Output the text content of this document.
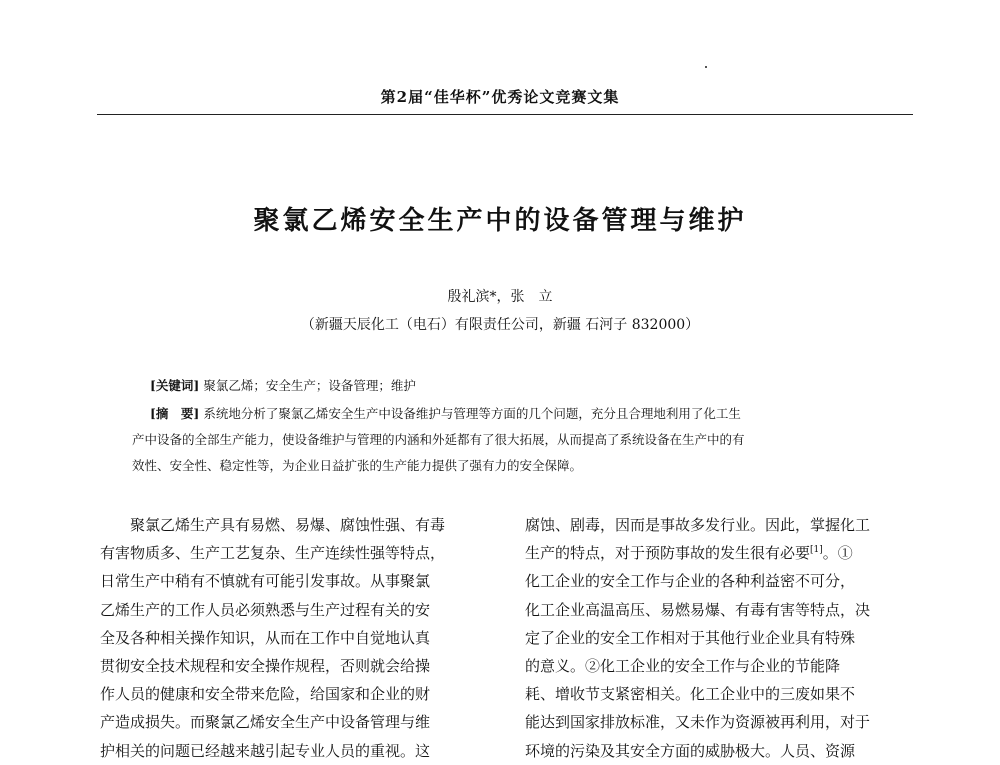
第2届“佳华杯”优秀论文竞赛文集
聚氯乙烯安全生产中的设备管理与维护
殷礼滨*，张　立
（新疆天辰化工（电石）有限责任公司，新疆 石河子 832000）
[关键词] 聚氯乙烯；安全生产；设备管理；维护
[摘　要] 系统地分析了聚氯乙烯安全生产中设备维护与管理等方面的几个问题，充分且合理地利用了化工生
产中设备的全部生产能力，使设备维护与管理的内涵和外延都有了很大拓展，从而提高了系统设备在生产中的有
效性、安全性、稳定性等，为企业日益扩张的生产能力提供了强有力的安全保障。
聚氯乙烯生产具有易燃、易爆、腐蚀性强、有毒
有害物质多、生产工艺复杂、生产连续性强等特点，
日常生产中稍有不慎就有可能引发事故。从事聚氯
乙烯生产的工作人员必须熟悉与生产过程有关的安
全及各种相关操作知识，从而在工作中自觉地认真
贯彻安全技术规程和安全操作规程，否则就会给操
作人员的健康和安全带来危险，给国家和企业的财
产造成损失。而聚氯乙烯安全生产中设备管理与维
护相关的问题已经越来越引起专业人员的重视。这
腐蚀、剧毒，因而是事故多发行业。因此，掌握化工
生产的特点，对于预防事故的发生很有必要[1]。①
化工企业的安全工作与企业的各种利益密不可分，
化工企业高温高压、易燃易爆、有毒有害等特点，决
定了企业的安全工作相对于其他行业企业具有特殊
的意义。②化工企业的安全工作与企业的节能降
耗、增收节支紧密相关。化工企业中的三废如果不
能达到国家排放标准，又未作为资源被再利用，对于
环境的污染及其安全方面的威胁极大。人员、资源
